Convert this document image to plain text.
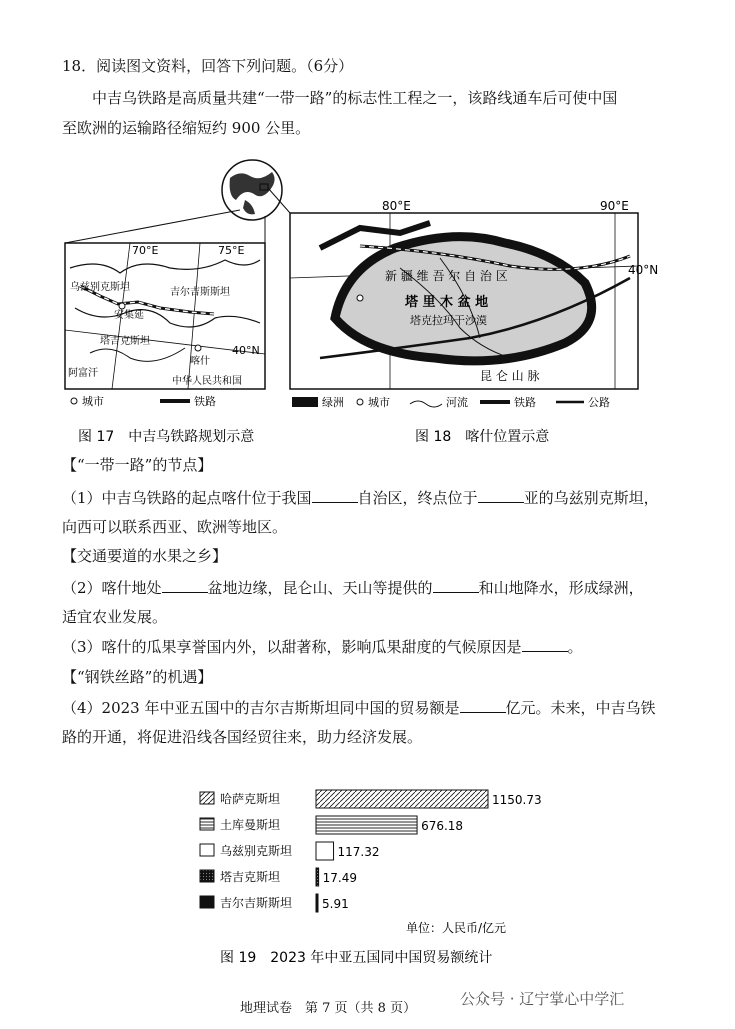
18．阅读图文资料，回答下列问题。（6分）
中吉乌铁路是高质量共建“一带一路”的标志性工程之一，该路线通车后可使中国
至欧洲的运输路径缩短约 900 公里。
70°E	75°E
40°N
乌兹别克斯坦	吉尔吉斯斯坦
塔吉克斯坦
阿富汗
中华人民共和国
安集延
喀什
城市	铁路
80°E	90°E
40°N
新 疆 维 吾 尔 自 治 区
塔 里 木 盆 地
塔克拉玛干沙漠
昆 仑 山 脉
绿洲 城市	河流	铁路	公路
图 17　中吉乌铁路规划示意	图 18　喀什位置示意
【“一带一路”的节点】
（1）中吉乌铁路的起点喀什位于我国	自治区，终点位于	亚的乌兹别克斯坦，
向西可以联系西亚、欧洲等地区。
【交通要道的水果之乡】
（2）喀什地处	盆地边缘，昆仑山、天山等提供的	和山地降水，形成绿洲，
适宜农业发展。
（3）喀什的瓜果享誉国内外，以甜著称，影响瓜果甜度的气候原因是	。
【“钢铁丝路”的机遇】
（4）2023 年中亚五国中的吉尔吉斯斯坦同中国的贸易额是	亿元。未来，中吉乌铁
路的开通，将促进沿线各国经贸往来，助力经济发展。
哈萨克斯坦	1150.73
土库曼斯坦	676.18
乌兹别克斯坦	117.32
塔吉克斯坦	17.49
吉尔吉斯斯坦 5.91
单位：人民币/亿元
图 19　2023 年中亚五国同中国贸易额统计
地理试卷　第 7 页（共 8 页）
公众号 · 辽宁掌心中学汇
